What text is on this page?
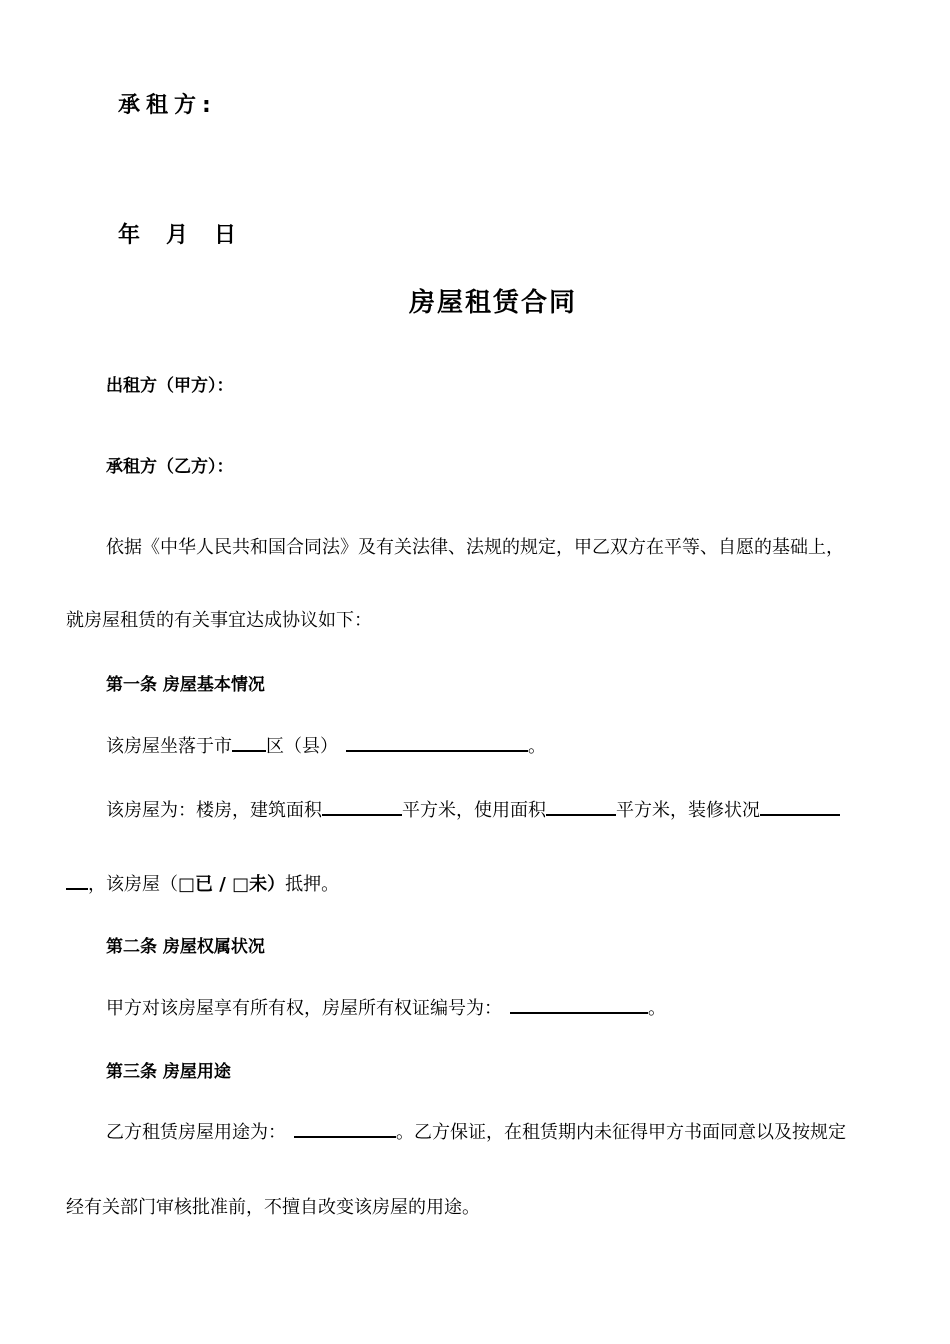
承租方:
年 月 日
房屋租赁合同
出租方（甲方）：
承租方（乙方）：
依据《中华人民共和国合同法》及有关法律、法规的规定，甲乙双方在平等、自愿的基础上，
就房屋租赁的有关事宜达成协议如下：
第一条 房屋基本情况
该房屋坐落于市 区（县）	。
该房屋为：楼房，建筑面积	平方米，使用面积	平方米，装修状况
，该房屋（□已 / □未）抵押。
第二条 房屋权属状况
甲方对该房屋享有所有权，房屋所有权证编号为：	。
第三条 房屋用途
乙方租赁房屋用途为：	。乙方保证，在租赁期内未征得甲方书面同意以及按规定
经有关部门审核批准前，不擅自改变该房屋的用途。
